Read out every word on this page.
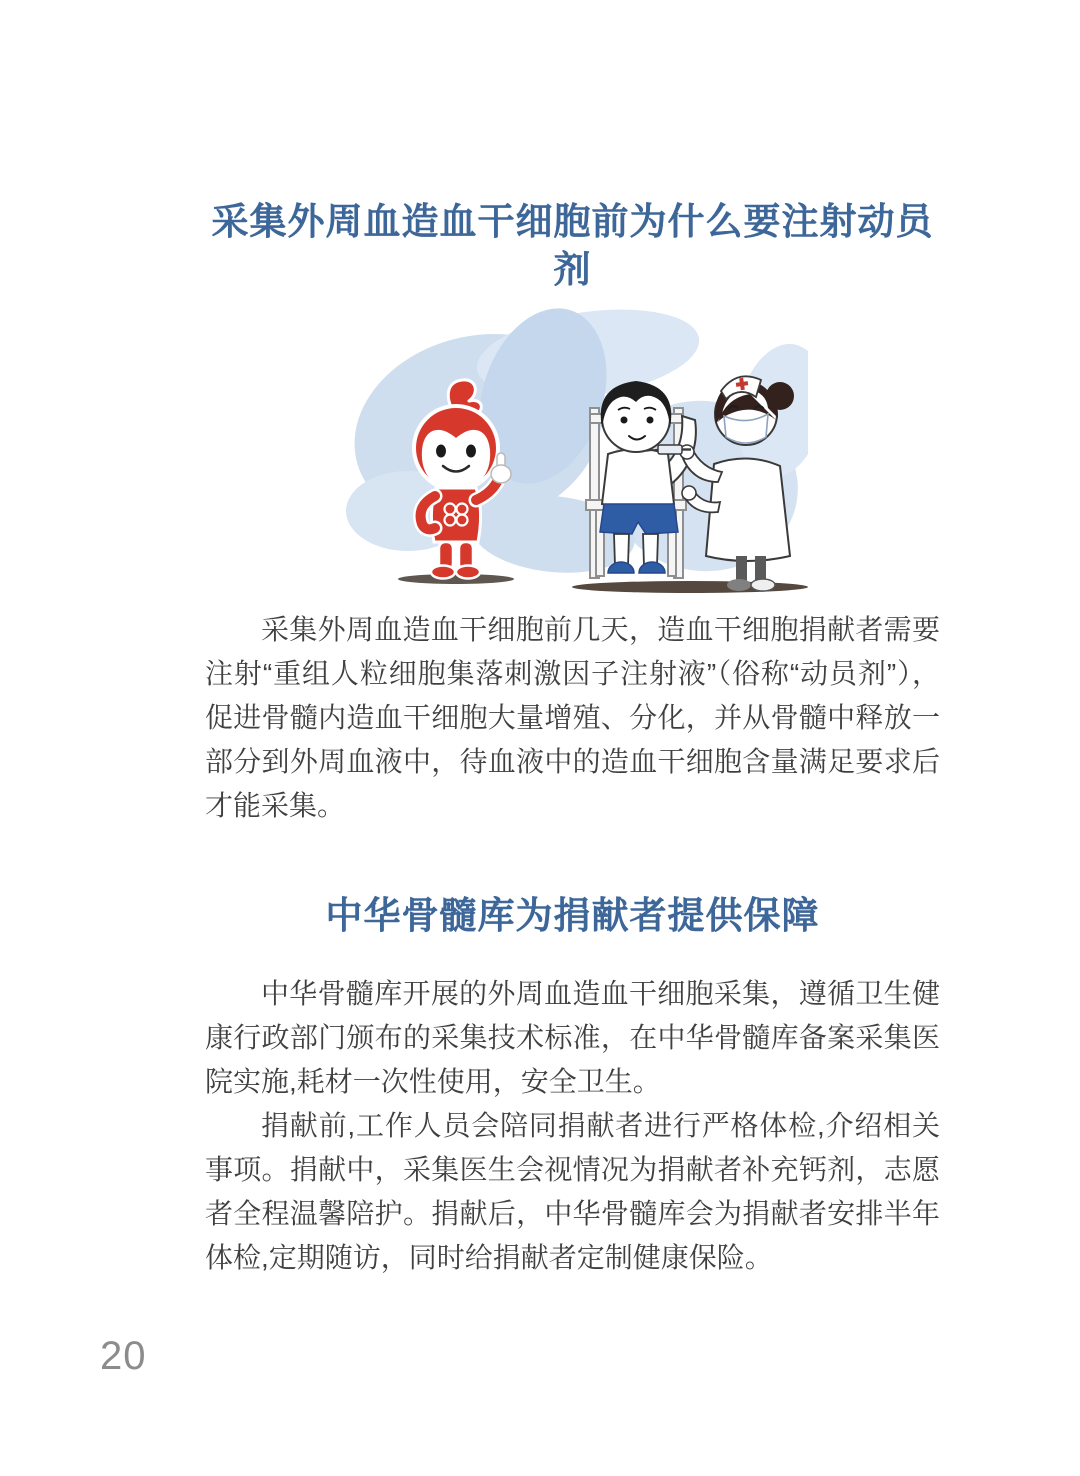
采集外周血造血干细胞前为什么要注射动员剂

采集外周血造血干细胞前几天，造血干细胞捐献者需要注射“重组人粒细胞集落刺激因子注射液”（俗称“动员剂”），促进骨髓内造血干细胞大量增殖、分化，并从骨髓中释放一部分到外周血液中，待血液中的造血干细胞含量满足要求后才能采集。

中华骨髓库为捐献者提供保障

中华骨髓库开展的外周血造血干细胞采集，遵循卫生健康行政部门颁布的采集技术标准，在中华骨髓库备案采集医院实施,耗材一次性使用，安全卫生。

捐献前,工作人员会陪同捐献者进行严格体检,介绍相关事项。捐献中，采集医生会视情况为捐献者补充钙剂，志愿者全程温馨陪护。捐献后，中华骨髓库会为捐献者安排半年体检,定期随访，同时给捐献者定制健康保险。

20
